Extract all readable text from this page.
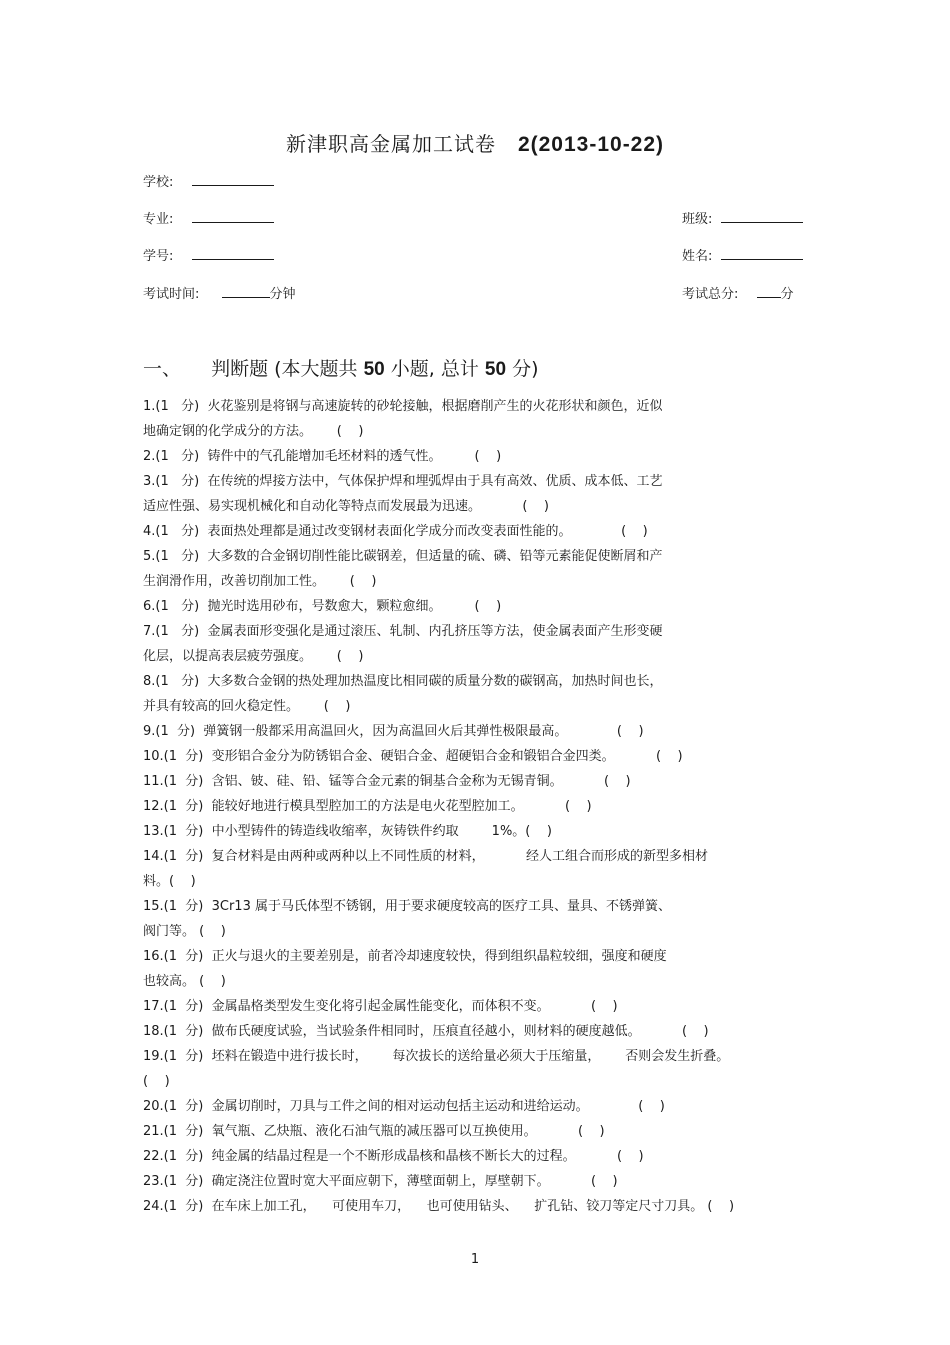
新津职高金属加工试卷 2(2013-10-22)
学校:
专业:	班级:
学号:	姓名:
考试时间:	分钟	考试总分:	分
一、 判断题 (本大题共 50 小题, 总计 50 分)
1.(1   分)  火花鉴别是将钢与高速旋转的砂轮接触，根据磨削产生的火花形状和颜色，近似
地确定钢的化学成分的方法。      (    )
2.(1   分)  铸件中的气孔能增加毛坯材料的透气性。        (    )
3.(1   分)  在传统的焊接方法中，气体保护焊和埋弧焊由于具有高效、优质、成本低、工艺
适应性强、易实现机械化和自动化等特点而发展最为迅速。          (    )
4.(1   分)  表面热处理都是通过改变钢材表面化学成分而改变表面性能的。            (    )
5.(1   分)  大多数的合金钢切削性能比碳钢差，但适量的硫、磷、铅等元素能促使断屑和产
生润滑作用，改善切削加工性。      (    )
6.(1   分)  抛光时选用砂布，号数愈大，颗粒愈细。        (    )
7.(1   分)  金属表面形变强化是通过滚压、轧制、内孔挤压等方法，使金属表面产生形变硬
化层，以提高表层疲劳强度。      (    )
8.(1   分)  大多数合金钢的热处理加热温度比相同碳的质量分数的碳钢高，加热时间也长，
并具有较高的回火稳定性。      (    )
9.(1  分)  弹簧钢一般都采用高温回火，因为高温回火后其弹性极限最高。            (    )
10.(1  分)  变形铝合金分为防锈铝合金、硬铝合金、超硬铝合金和锻铝合金四类。          (    )
11.(1  分)  含铝、铍、硅、铅、锰等合金元素的铜基合金称为无锡青铜。          (    )
12.(1  分)  能较好地进行模具型腔加工的方法是电火花型腔加工。          (    )
13.(1  分)  中小型铸件的铸造线收缩率，灰铸铁件约取        1%。(    )
14.(1  分)  复合材料是由两种或两种以上不同性质的材料，          经人工组合而形成的新型多相材
料。(    )
15.(1  分)  3Cr13 属于马氏体型不锈钢，用于要求硬度较高的医疗工具、量具、不锈弹簧、
阀门等。 (    )
16.(1  分)  正火与退火的主要差别是，前者冷却速度较快，得到组织晶粒较细，强度和硬度
也较高。 (    )
17.(1  分)  金属晶格类型发生变化将引起金属性能变化，而体积不变。          (    )
18.(1  分)  做布氏硬度试验，当试验条件相同时，压痕直径越小，则材料的硬度越低。          (    )
19.(1  分)  坯料在锻造中进行拔长时，      每次拔长的送给量必须大于压缩量，      否则会发生折叠。
(    )
20.(1  分)  金属切削时，刀具与工件之间的相对运动包括主运动和进给运动。            (    )
21.(1  分)  氧气瓶、乙炔瓶、液化石油气瓶的减压器可以互换使用。          (    )
22.(1  分)  纯金属的结晶过程是一个不断形成晶核和晶核不断长大的过程。          (    )
23.(1  分)  确定浇注位置时宽大平面应朝下，薄壁面朝上，厚壁朝下。          (    )
24.(1  分)  在车床上加工孔，    可使用车刀，    也可使用钻头、    扩孔钻、铰刀等定尺寸刀具。 (    )
1
